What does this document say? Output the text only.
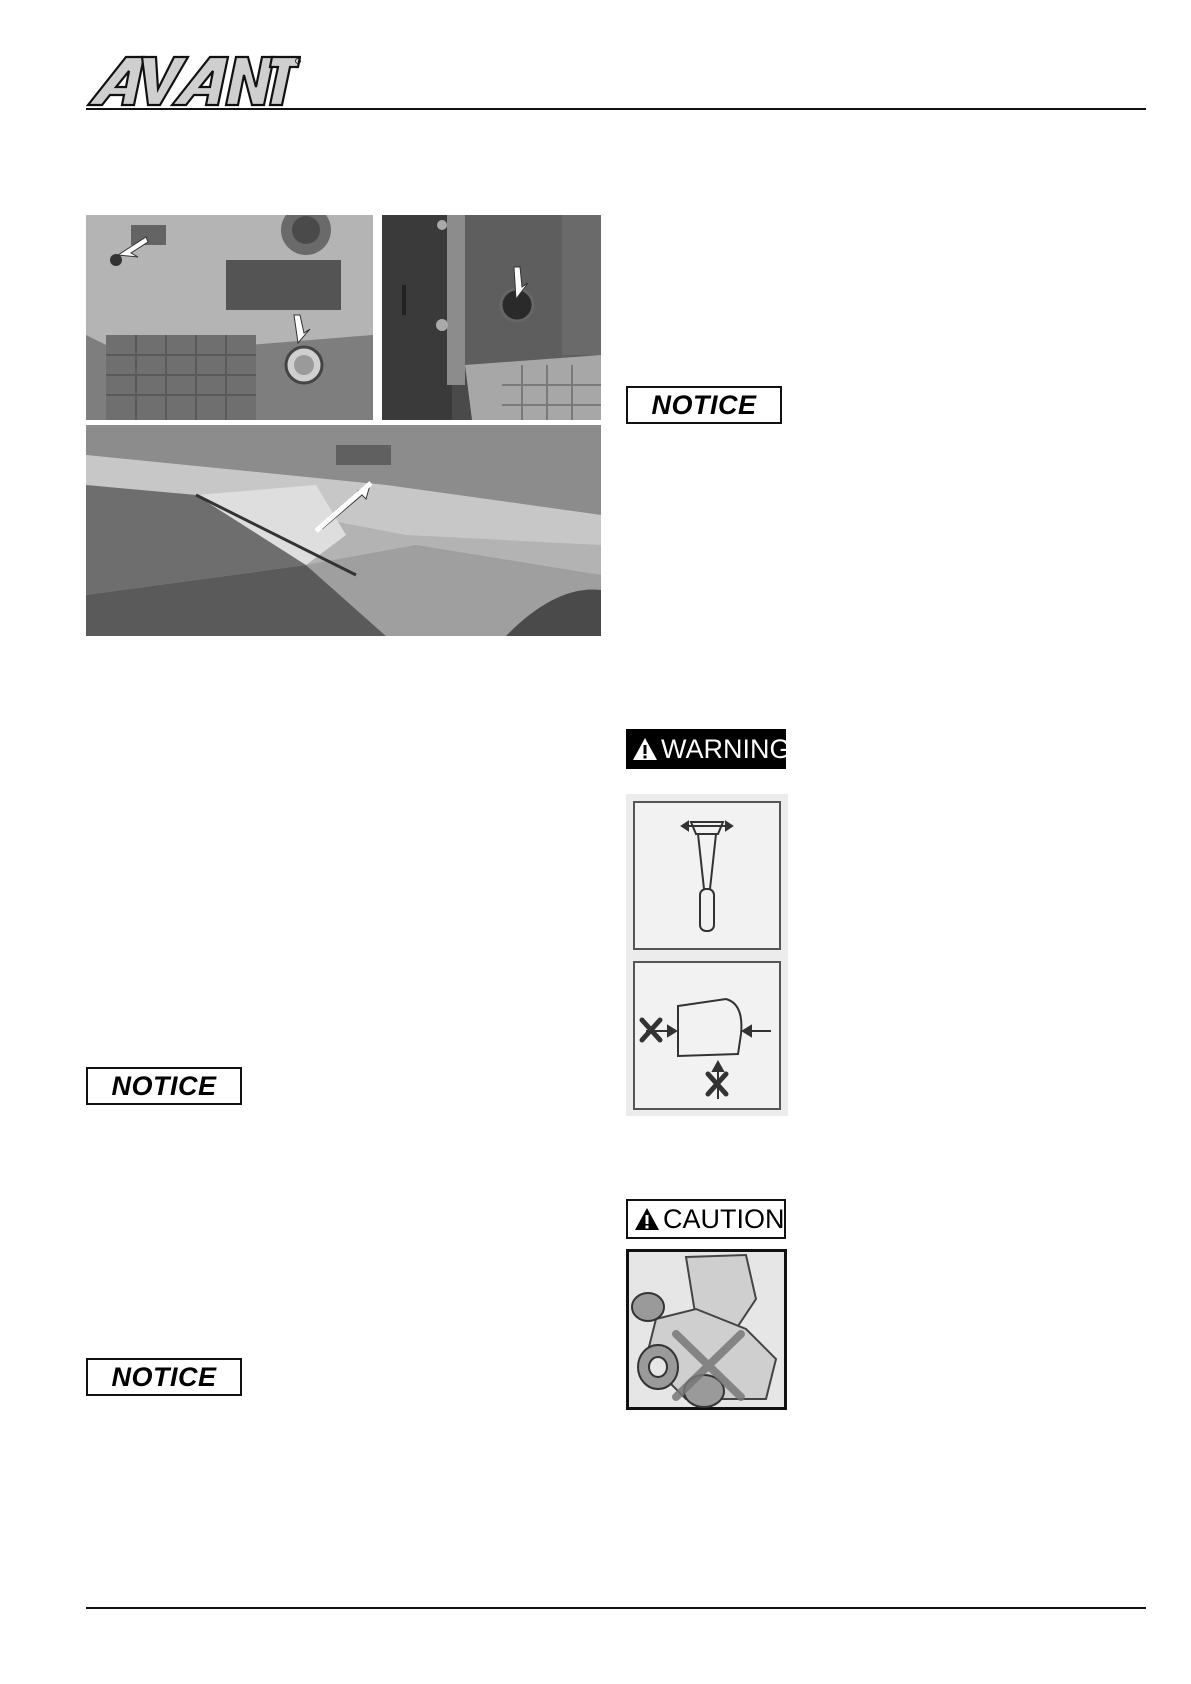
NOTICE
WARNING
CAUTION
NOTICE
NOTICE
